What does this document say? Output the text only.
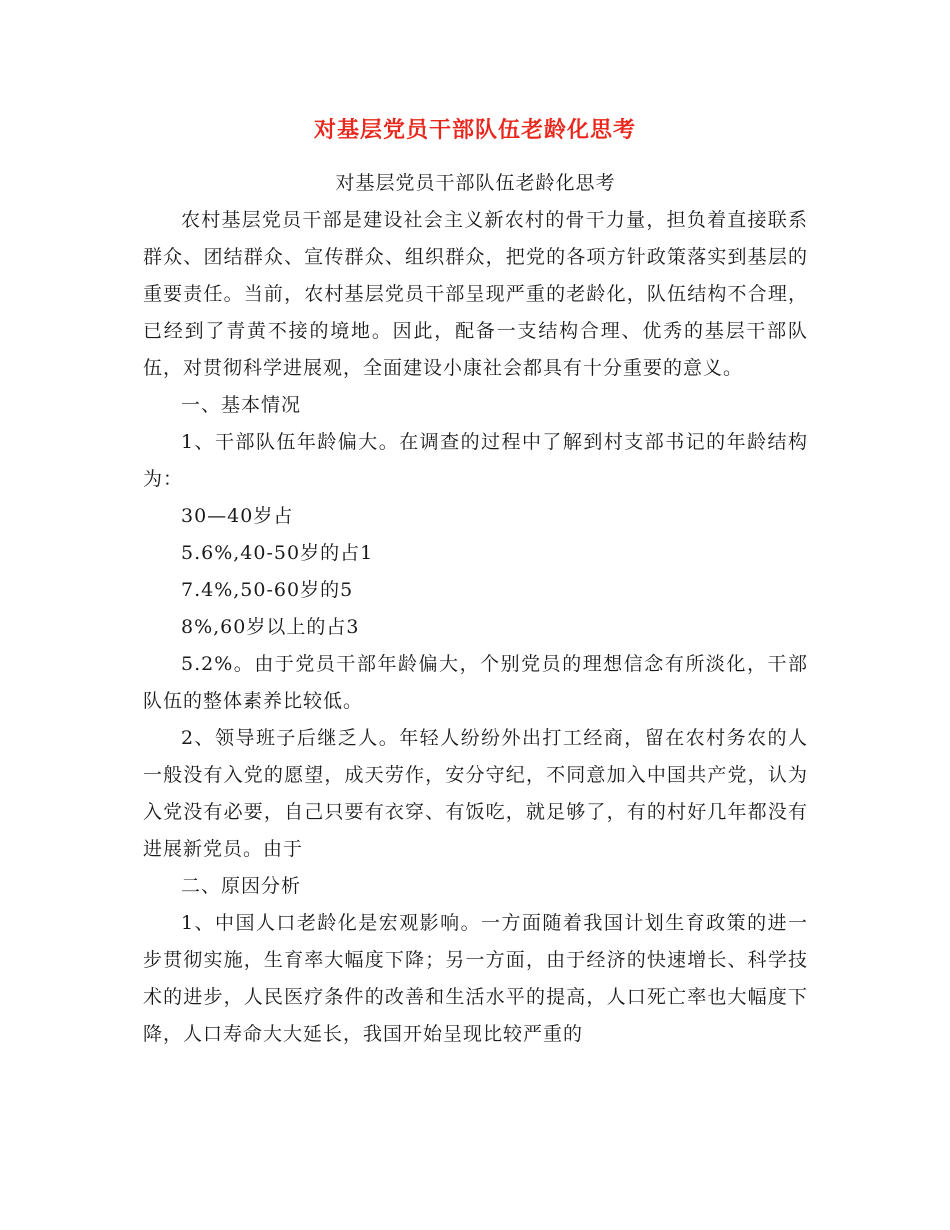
对基层党员干部队伍老龄化思考

对基层党员干部队伍老龄化思考

农村基层党员干部是建设社会主义新农村的骨干力量，担负着直接联系群众、团结群众、宣传群众、组织群众，把党的各项方针政策落实到基层的重要责任。当前，农村基层党员干部呈现严重的老龄化，队伍结构不合理，已经到了青黄不接的境地。因此，配备一支结构合理、优秀的基层干部队伍，对贯彻科学进展观，全面建设小康社会都具有十分重要的意义。

一、基本情况

1、干部队伍年龄偏大。在调查的过程中了解到村支部书记的年龄结构为：

30—40岁占

5.6%,40-50岁的占1

7.4%,50-60岁的5

8%,60岁以上的占3

5.2%。由于党员干部年龄偏大，个别党员的理想信念有所淡化，干部队伍的整体素养比较低。

2、领导班子后继乏人。年轻人纷纷外出打工经商，留在农村务农的人一般没有入党的愿望，成天劳作，安分守纪，不同意加入中国共产党，认为入党没有必要，自己只要有衣穿、有饭吃，就足够了，有的村好几年都没有进展新党员。由于

二、原因分析

1、中国人口老龄化是宏观影响。一方面随着我国计划生育政策的进一步贯彻实施，生育率大幅度下降；另一方面，由于经济的快速增长、科学技术的进步，人民医疗条件的改善和生活水平的提高，人口死亡率也大幅度下降，人口寿命大大延长，我国开始呈现比较严重的
